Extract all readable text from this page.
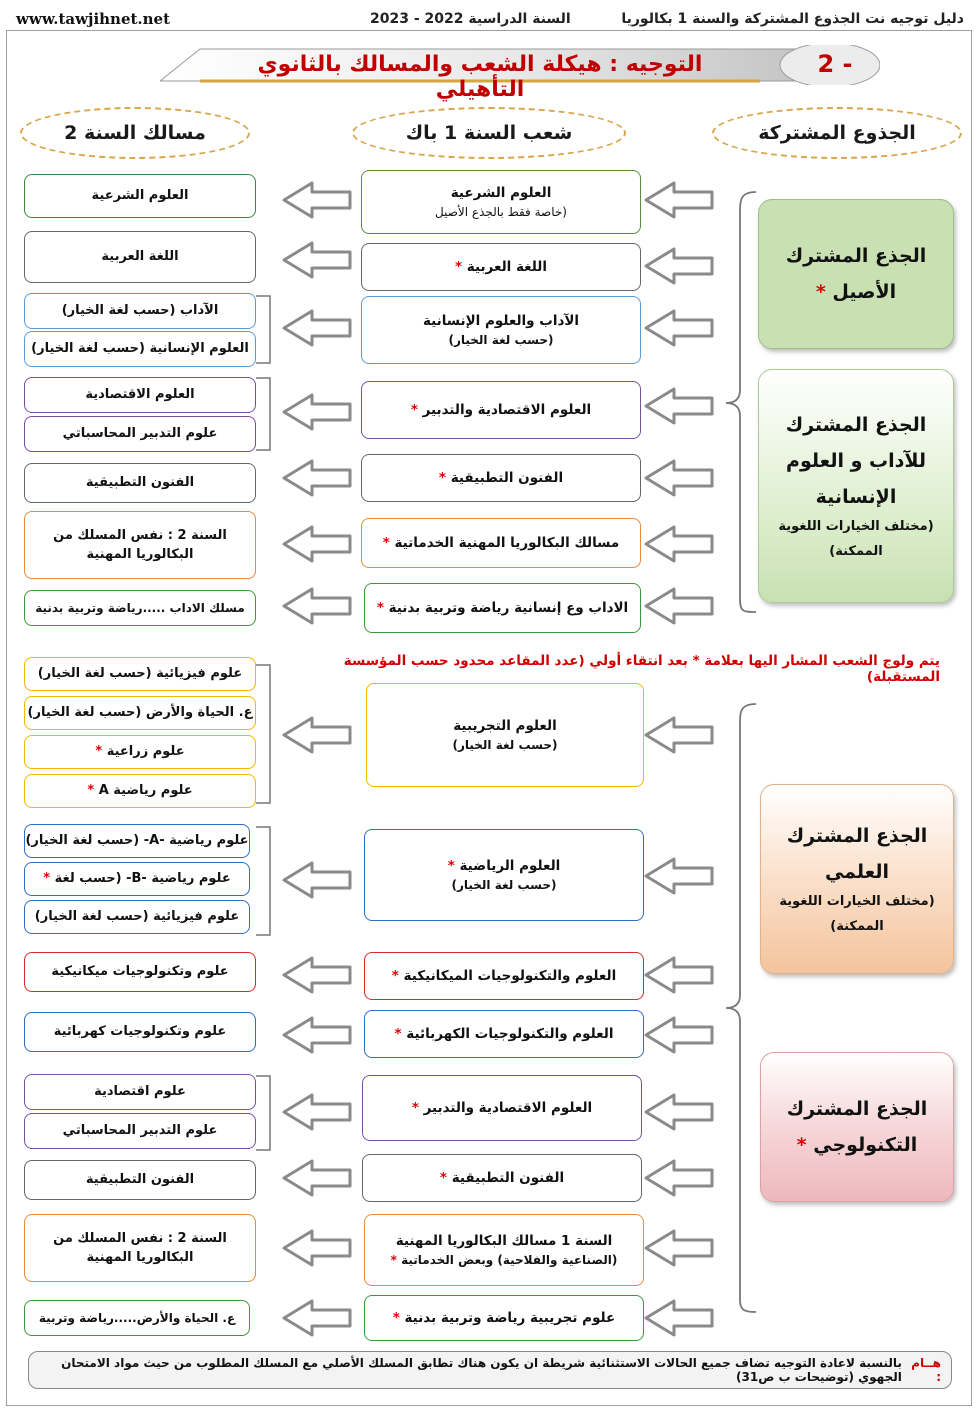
www.tawjihnet.net	السنة الدراسية 2022 - 2023	دليل توجيه نت الجذوع المشتركة والسنة 1 بكالوريا
التوجيه : هيكلة الشعب والمسالك بالثانوي التأهيلي
2 -
الجذوع المشتركة
شعب السنة 1 باك
مسالك السنة 2
الجذع المشترك
الأصيل *
الجذع المشترك
للآداب و العلوم
الإنسانية
(مختلف الخيارات اللغوية
الممكنة)
الجذع المشترك
العلمي
(مختلف الخيارات اللغوية
الممكنة)
الجذع المشترك
التكنولوجي *
العلوم الشرعية
(خاصة فقط بالجذع الأصيل
اللغة العربية *
الآداب والعلوم الإنسانية
(حسب لغة الخيار)
العلوم الاقتصادية والتدبير *
الفنون التطبيقية *
مسالك البكالوريا المهنية الخدماتية *
الاداب وع إنسانية رياضة وتربية بدنية *
يتم ولوج الشعب المشار اليها بعلامة * بعد انتقاء أولي (عدد المقاعد محدود حسب المؤسسة المستقبلة)
العلوم التجريبية
(حسب لغة الخيار)
العلوم الرياضية *
(حسب لغة الخيار)
العلوم والتكنولوجيات الميكانيكية *
العلوم والتكنولوجيات الكهربائية *
العلوم الاقتصادية والتدبير *
الفنون التطبيقية *
السنة 1 مسالك البكالوريا المهنية
(الصناعية والفلاحية) وبعض الخدماتية *
علوم تجريبية رياضة وتربية بدنية *
العلوم الشرعية
اللغة العربية
الآداب (حسب لغة الخيار)
العلوم الإنسانية (حسب لغة الخيار)
العلوم الاقتصادية
علوم التدبير المحاسباتي
الفنون التطبيقية
السنة 2 : نفس المسلك من
البكالوريا المهنية
مسلك الاداب .....رياضة وتربية بدنية
علوم فيزيائية (حسب لغة الخيار)
ع. الحياة والأرض (حسب لغة الخيار)
علوم زراعية *
علوم رياضية A *
علوم رياضية -A- (حسب لغة الخيار)
علوم رياضية -B- (حسب لغة *
علوم فيزيائية (حسب لغة الخيار)
علوم وتكنولوجيات ميكانيكية
علوم وتكنولوجيات كهربائية
علوم اقتصادية
علوم التدبير المحاسباتي
الفنون التطبيقية
السنة 2 : نفس المسلك من
البكالوريا المهنية
ع. الحياة والأرض.....رياضة وتربية
هــام :
بالنسبة لاعادة التوجيه تضاف جميع الحالات الاستثنائية شريطة ان يكون هناك تطابق المسلك الأصلي مع المسلك المطلوب من حيث مواد الامتحان الجهوي (توضيحات ب ص31)
